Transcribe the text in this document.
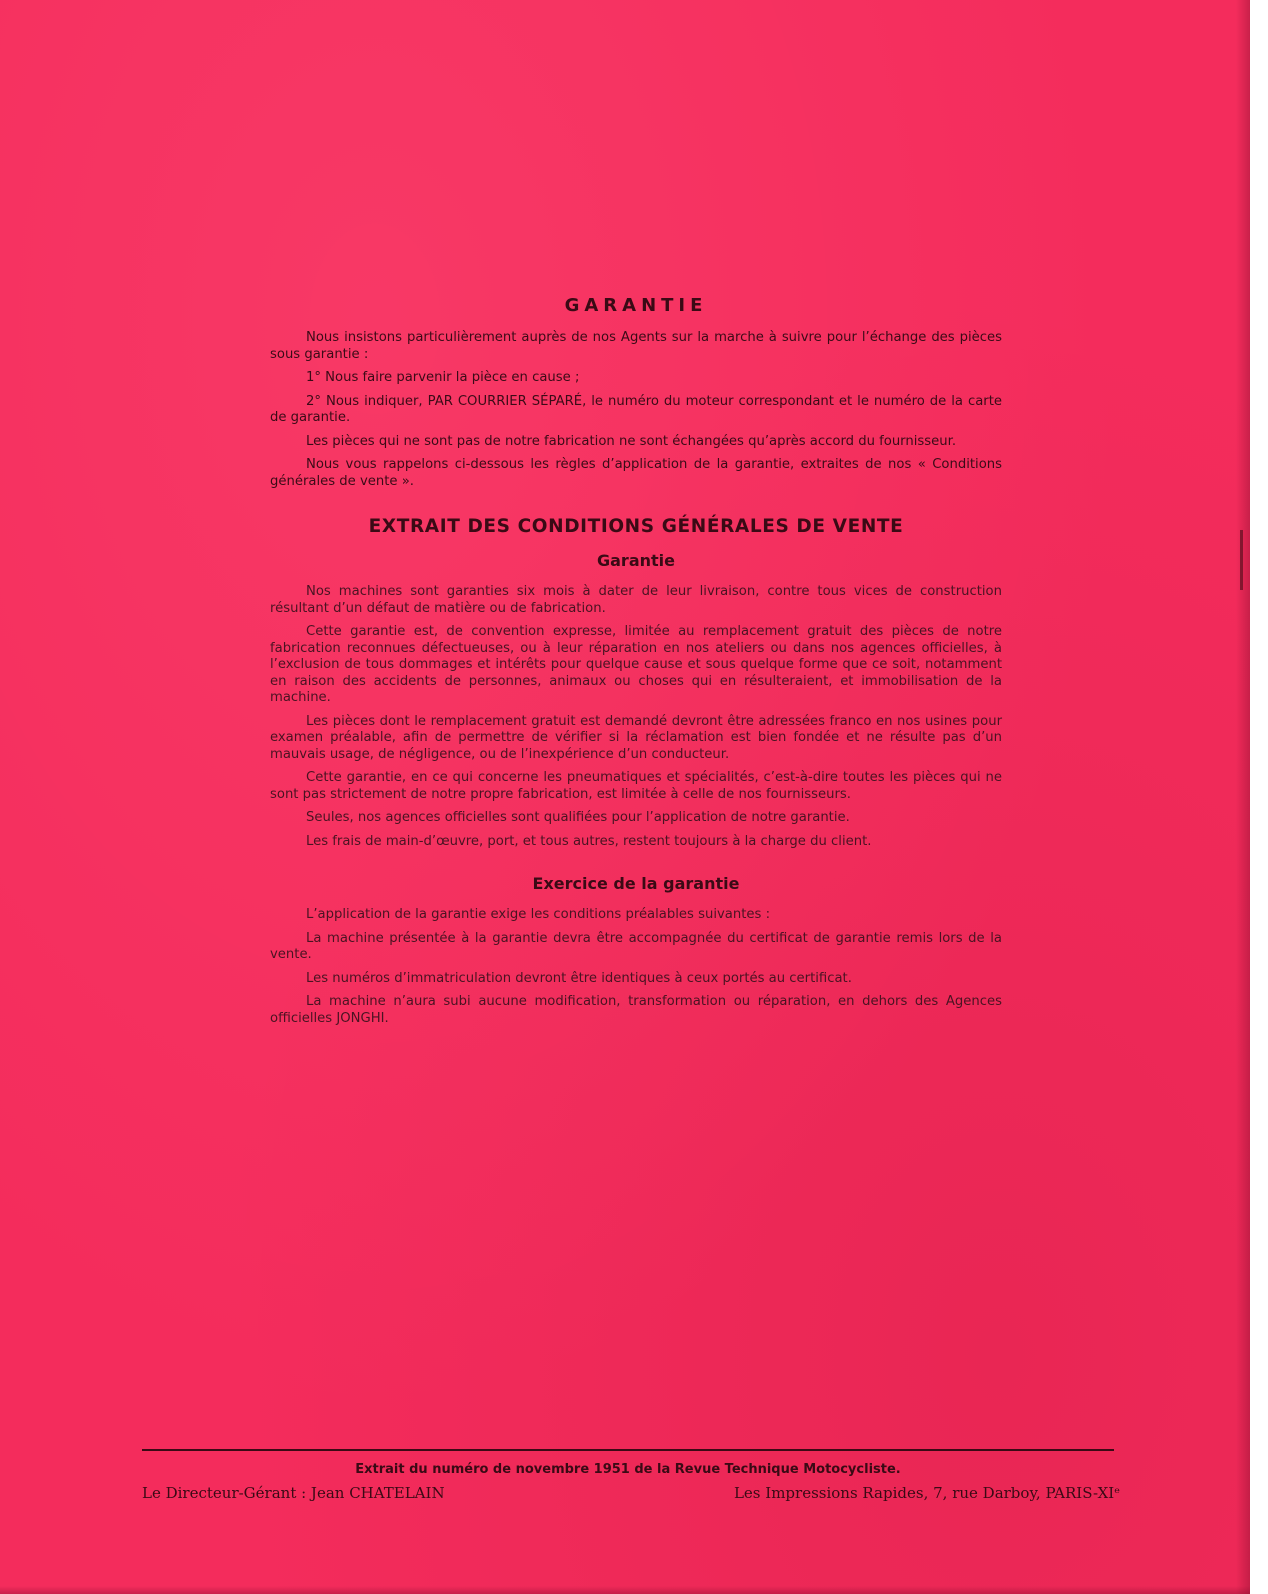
GARANTIE

Nous insistons particulièrement auprès de nos Agents sur la marche à suivre pour l’échange des pièces sous garantie :

1° Nous faire parvenir la pièce en cause ;

2° Nous indiquer, PAR COURRIER SÉPARÉ, le numéro du moteur correspondant et le numéro de la carte de garantie.

Les pièces qui ne sont pas de notre fabrication ne sont échangées qu’après accord du fournisseur.

Nous vous rappelons ci-dessous les règles d’application de la garantie, extraites de nos « Conditions générales de vente ».

EXTRAIT DES CONDITIONS GÉNÉRALES DE VENTE
Garantie

Nos machines sont garanties six mois à dater de leur livraison, contre tous vices de construction résultant d’un défaut de matière ou de fabrication.

Cette garantie est, de convention expresse, limitée au remplacement gratuit des pièces de notre fabrication reconnues défectueuses, ou à leur réparation en nos ateliers ou dans nos agences officielles, à l’exclusion de tous dommages et intérêts pour quelque cause et sous quelque forme que ce soit, notamment en raison des accidents de personnes, animaux ou choses qui en résulteraient, et immobilisation de la machine.

Les pièces dont le remplacement gratuit est demandé devront être adressées franco en nos usines pour examen préalable, afin de permettre de vérifier si la réclamation est bien fondée et ne résulte pas d’un mauvais usage, de négligence, ou de l’inexpérience d’un conducteur.

Cette garantie, en ce qui concerne les pneumatiques et spécialités, c’est-à-dire toutes les pièces qui ne sont pas strictement de notre propre fabrication, est limitée à celle de nos fournisseurs.

Seules, nos agences officielles sont qualifiées pour l’application de notre garantie.

Les frais de main-d’œuvre, port, et tous autres, restent toujours à la charge du client.

Exercice de la garantie

L’application de la garantie exige les conditions préalables suivantes :

La machine présentée à la garantie devra être accompagnée du certificat de garantie remis lors de la vente.

Les numéros d’immatriculation devront être identiques à ceux portés au certificat.

La machine n’aura subi aucune modification, transformation ou réparation, en dehors des Agences officielles JONGHI.

Extrait du numéro de novembre 1951 de la Revue Technique Motocycliste.
Le Directeur-Gérant : Jean CHATELAIN	Les Impressions Rapides, 7, rue Darboy, PARIS-XIᵉ
